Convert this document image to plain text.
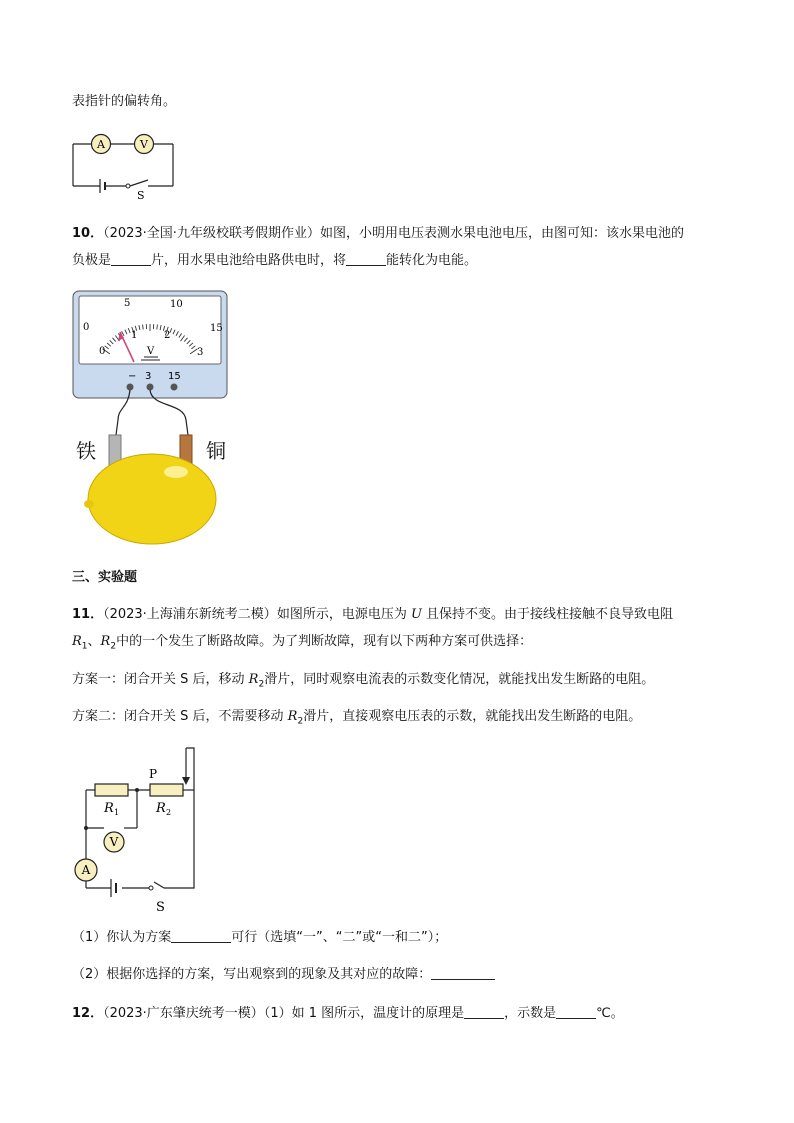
表指针的偏转角。
A	V
S
10．（2023·全国·九年级校联考假期作业）如图，小明用电压表测水果电池电压，由图可知：该水果电池的
负极是	片，用水果电池给电路供电时，将	能转化为电能。
0
5	10
15
0
1	2
3
V
− 3 15
铁	铜
三、实验题
11．（2023·上海浦东新统考二模）如图所示，电源电压为 U 且保持不变。由于接线柱接触不良导致电阻
$R_1$、$R_2$中的一个发生了断路故障。为了判断故障，现有以下两种方案可供选择：
方案一：闭合开关 S 后，移动 $R_2$滑片，同时观察电流表的示数变化情况，就能找出发生断路的电阻。
方案二：闭合开关 S 后，不需要移动 $R_2$滑片，直接观察电压表的示数，就能找出发生断路的电阻。
V
A
P
R 1	R 2
S
（1）你认为方案	可行（选填“一”、“二”或“一和二”）；
（2）根据你选择的方案，写出观察到的现象及其对应的故障：
12．（2023·广东肇庆统考一模）（1）如 1 图所示，温度计的原理是	，示数是	℃。
